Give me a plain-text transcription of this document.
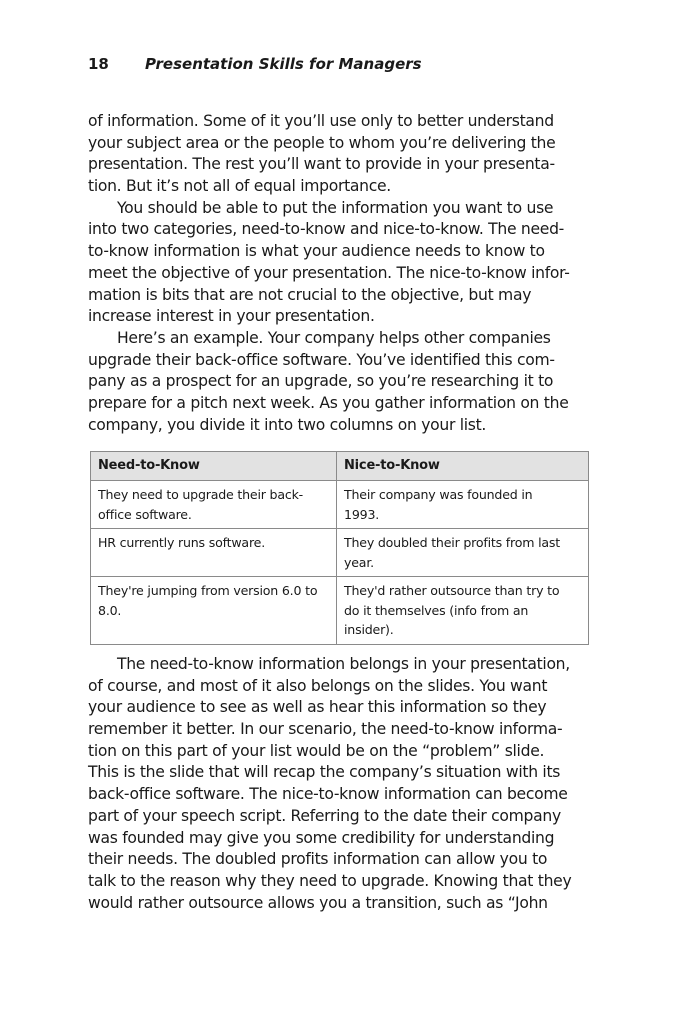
18 Presentation Skills for Managers
of information. Some of it you’ll use only to better understand
your subject area or the people to whom you’re delivering the
presentation. The rest you’ll want to provide in your presenta-
tion. But it’s not all of equal importance.
You should be able to put the information you want to use
into two categories, need-to-know and nice-to-know. The need-
to-know information is what your audience needs to know to
meet the objective of your presentation. The nice-to-know infor-
mation is bits that are not crucial to the objective, but may
increase interest in your presentation.
Here’s an example. Your company helps other companies
upgrade their back-office software. You’ve identified this com-
pany as a prospect for an upgrade, so you’re researching it to
prepare for a pitch next week. As you gather information on the
company, you divide it into two columns on your list.
Need-to-Know	Nice-to-Know

They need to upgrade their back-
office software.	Their company was founded in
1993.

HR currently runs software.	They doubled their profits from last
year.

They're jumping from version 6.0 to
8.0.	They'd rather outsource than try to
do it themselves (info from an
insider).
The need-to-know information belongs in your presentation,
of course, and most of it also belongs on the slides. You want
your audience to see as well as hear this information so they
remember it better. In our scenario, the need-to-know informa-
tion on this part of your list would be on the “problem” slide.
This is the slide that will recap the company’s situation with its
back-office software. The nice-to-know information can become
part of your speech script. Referring to the date their company
was founded may give you some credibility for understanding
their needs. The doubled profits information can allow you to
talk to the reason why they need to upgrade. Knowing that they
would rather outsource allows you a transition, such as “John
